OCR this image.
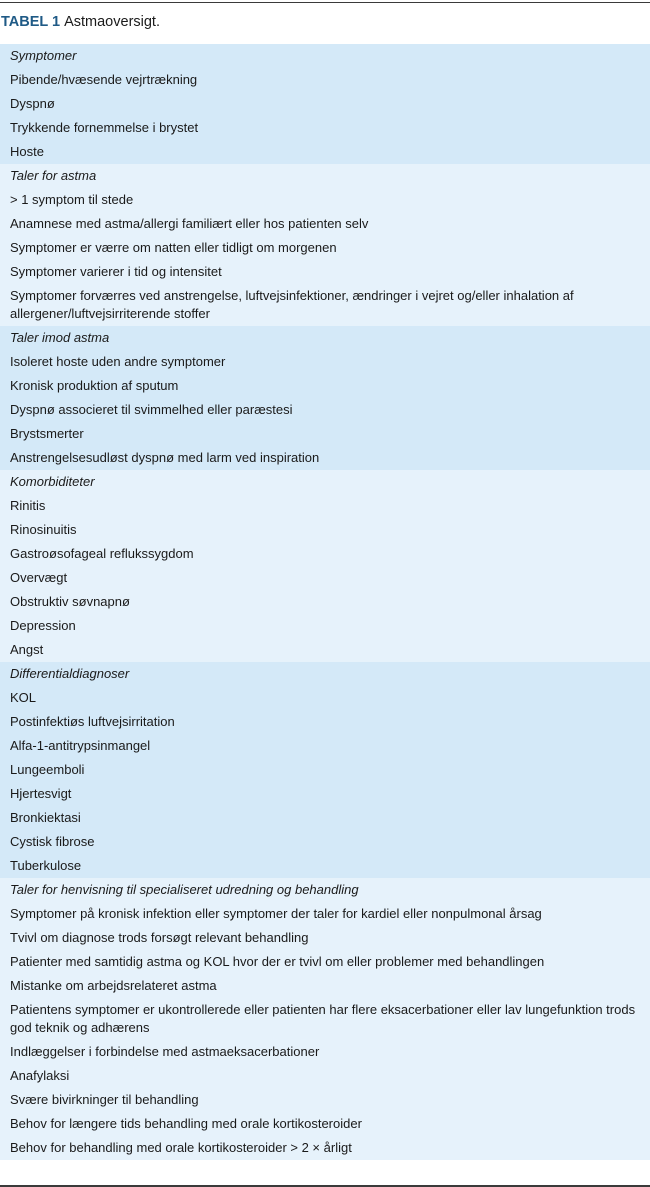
TABEL 1 Astmaoversigt.
Symptomer
Pibende/hvæsende vejrtrækning
Dyspnø
Trykkende fornemmelse i brystet
Hoste
Taler for astma
> 1 symptom til stede
Anamnese med astma/allergi familiært eller hos patienten selv
Symptomer er værre om natten eller tidligt om morgenen
Symptomer varierer i tid og intensitet
Symptomer forværres ved anstrengelse, luftvejsinfektioner, ændringer i vejret og/eller inhalation af allergener/luftvejsirriterende stoffer
Taler imod astma
Isoleret hoste uden andre symptomer
Kronisk produktion af sputum
Dyspnø associeret til svimmelhed eller paræstesi
Brystsmerter
Anstrengelsesudløst dyspnø med larm ved inspiration
Komorbiditeter
Rinitis
Rinosinuitis
Gastroøsofageal reflukssygdom
Overvægt
Obstruktiv søvnapnø
Depression
Angst
Differentialdiagnoser
KOL
Postinfektiøs luftvejsirritation
Alfa-1-antitrypsinmangel
Lungeemboli
Hjertesvigt
Bronkiektasi
Cystisk fibrose
Tuberkulose
Taler for henvisning til specialiseret udredning og behandling
Symptomer på kronisk infektion eller symptomer der taler for kardiel eller nonpulmonal årsag
Tvivl om diagnose trods forsøgt relevant behandling
Patienter med samtidig astma og KOL hvor der er tvivl om eller problemer med behandlingen
Mistanke om arbejdsrelateret astma
Patientens symptomer er ukontrollerede eller patienten har flere eksacerbationer eller lav lungefunktion trods god teknik og adhærens
Indlæggelser i forbindelse med astmaeksacerbationer
Anafylaksi
Svære bivirkninger til behandling
Behov for længere tids behandling med orale kortikosteroider
Behov for behandling med orale kortikosteroider > 2 × årligt
